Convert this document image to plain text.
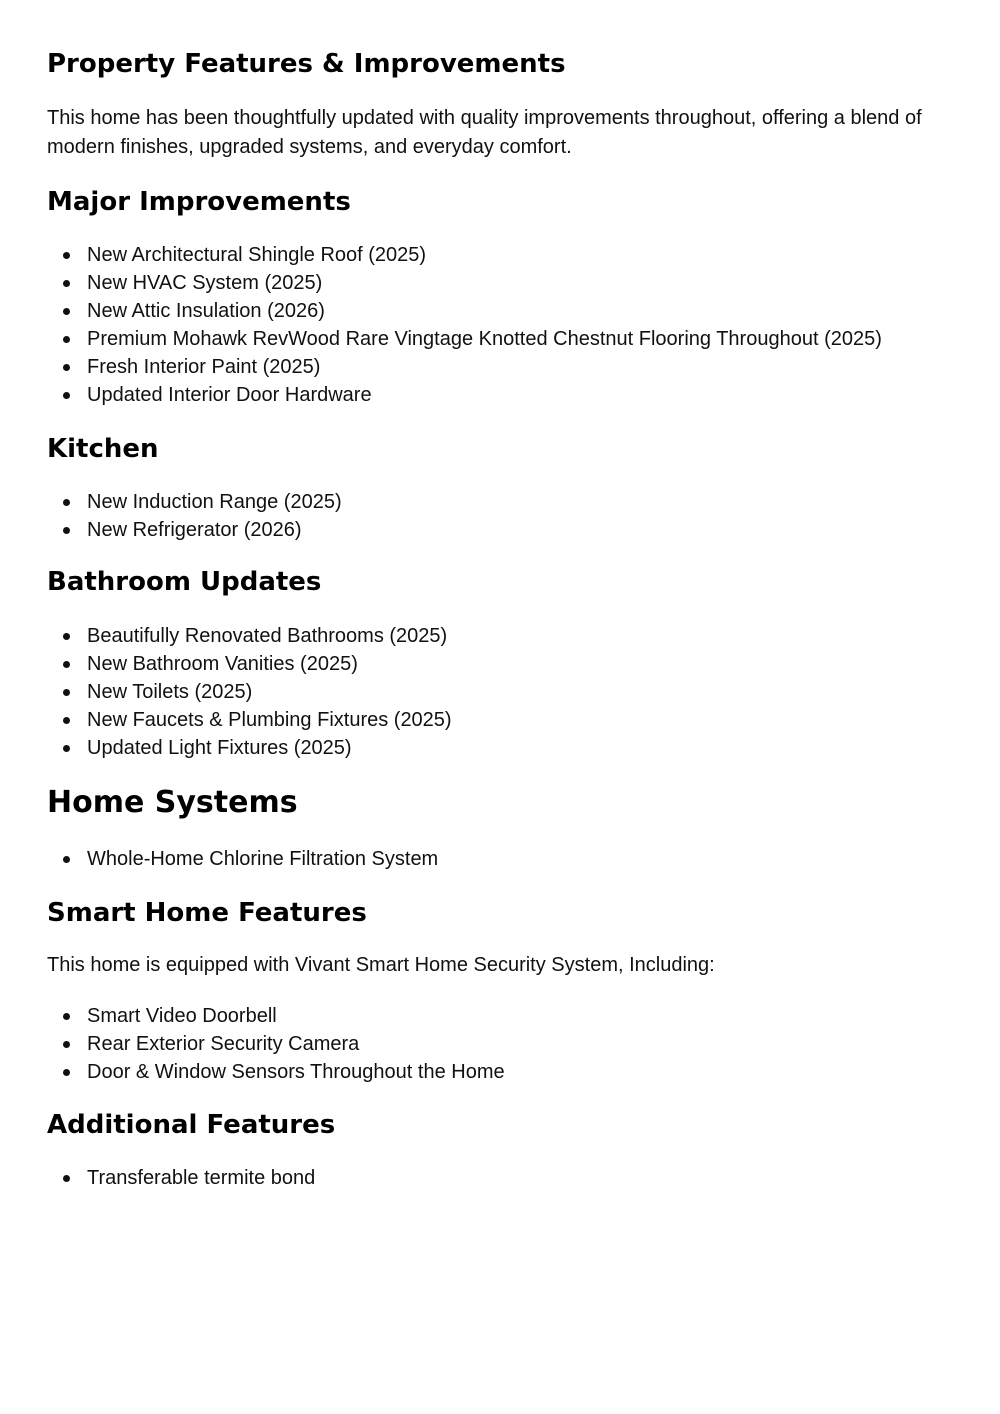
Property Features & Improvements

This home has been thoughtfully updated with quality improvements throughout, offering a blend of modern finishes, upgraded systems, and everyday comfort.

Major Improvements
New Architectural Shingle Roof (2025)
New HVAC System (2025)
New Attic Insulation (2026)
Premium Mohawk RevWood Rare Vingtage Knotted Chestnut Flooring Throughout (2025)
Fresh Interior Paint (2025)
Updated Interior Door Hardware
Kitchen
New Induction Range (2025)
New Refrigerator (2026)
Bathroom Updates
Beautifully Renovated Bathrooms (2025)
New Bathroom Vanities (2025)
New Toilets (2025)
New Faucets & Plumbing Fixtures (2025)
Updated Light Fixtures (2025)
Home Systems
Whole-Home Chlorine Filtration System
Smart Home Features

This home is equipped with Vivant Smart Home Security System, Including:

Smart Video Doorbell
Rear Exterior Security Camera
Door & Window Sensors Throughout the Home
Additional Features
Transferable termite bond
